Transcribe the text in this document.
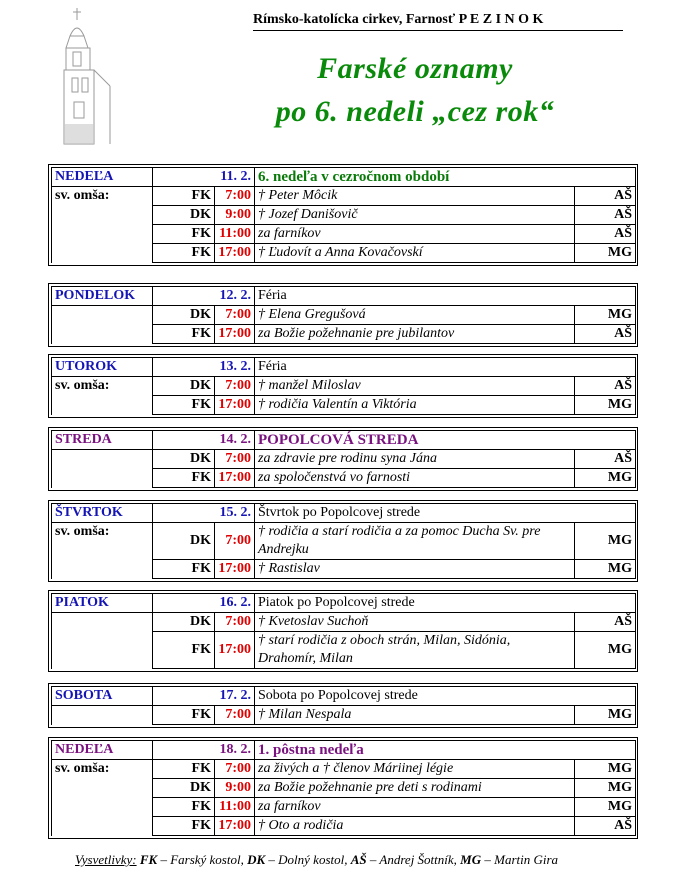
Rímsko-katolícka cirkev, Farnosť P E Z I N O K
Farské oznamy
po 6. nedeli „cez rok“
NEDEĽA	11. 2.		6. nedeľa v cezročnom období	
sv. omša:	FK	7:00	† Peter Môcik	AŠ
	DK	9:00	† Jozef Danišovič	AŠ
	FK	11:00	za farníkov	AŠ
	FK	17:00	† Ľudovít a Anna Kovačovskí	MG
PONDELOK	12. 2.		Féria	
	DK	7:00	† Elena Gregušová	MG
	FK	17:00	za Božie požehnanie pre jubilantov	AŠ
UTOROK	13. 2.		Féria	
sv. omša:	DK	7:00	† manžel Miloslav	AŠ
	FK	17:00	† rodičia Valentín a Viktória	MG
STREDA	14. 2.		POPOLCOVÁ STREDA	
	DK	7:00	za zdravie pre rodinu syna Jána	AŠ
	FK	17:00	za spoločenstvá vo farnosti	MG
ŠTVRTOK	15. 2.		Štvrtok po Popolcovej strede	
sv. omša:	DK	7:00	† rodičia a starí rodičia a za pomoc Ducha Sv. pre Andrejku	MG
	FK	17:00	† Rastislav	MG
PIATOK	16. 2.		Piatok po Popolcovej strede	
	DK	7:00	† Kvetoslav Suchoň	AŠ
	FK	17:00	† starí rodičia z oboch strán, Milan, Sidónia, Drahomír, Milan	MG
SOBOTA	17. 2.		Sobota po Popolcovej strede	
	FK	7:00	† Milan Nespala	MG
NEDEĽA	18. 2.		1. pôstna nedeľa	
sv. omša:	FK	7:00	za živých a † členov Máriinej légie	MG
	DK	9:00	za Božie požehnanie pre deti s rodinami	MG
	FK	11:00	za farníkov	MG
	FK	17:00	† Oto a rodičia	AŠ
Vysvetlivky: FK – Farský kostol, DK – Dolný kostol, AŠ – Andrej Šottník, MG – Martin Gira
